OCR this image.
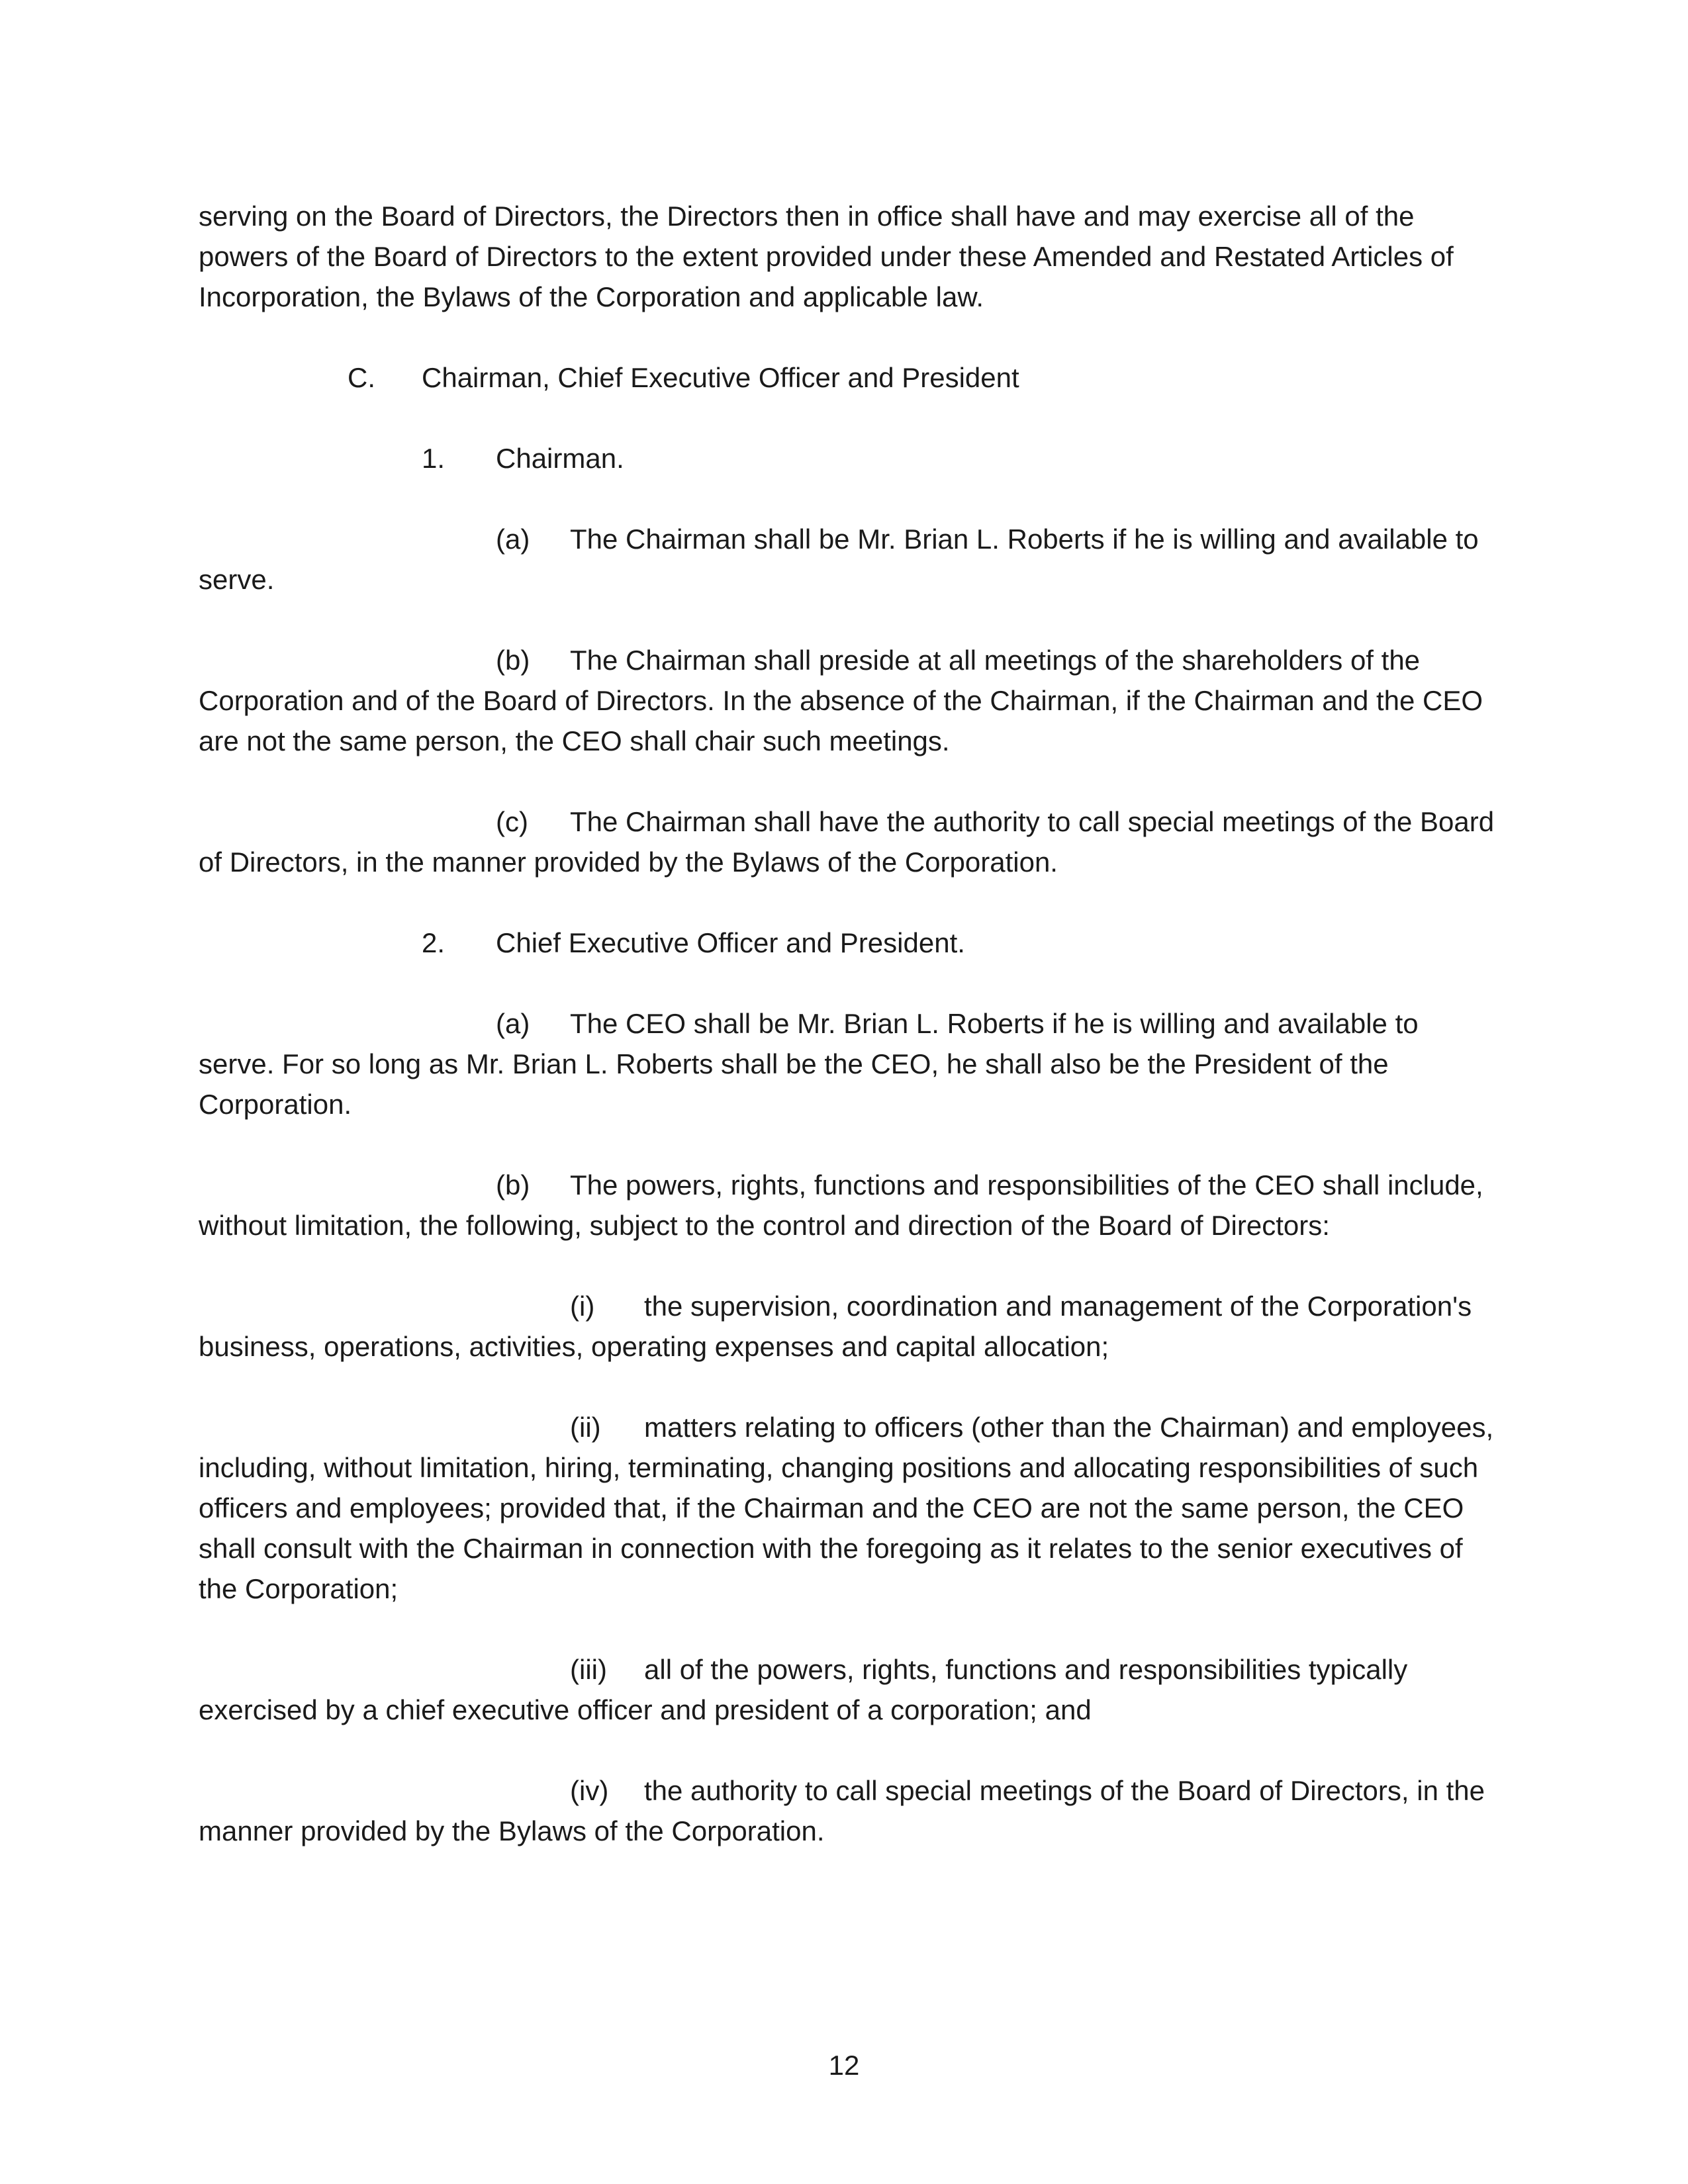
serving on the Board of Directors, the Directors then in office shall have and may exercise all of the powers of the Board of Directors to the extent provided under these Amended and Restated Articles of Incorporation, the Bylaws of the Corporation and applicable law.

C. Chairman, Chief Executive Officer and President

1. Chairman.

(a) The Chairman shall be Mr. Brian L. Roberts if he is willing and available to serve.

(b) The Chairman shall preside at all meetings of the shareholders of the Corporation and of the Board of Directors. In the absence of the Chairman, if the Chairman and the CEO are not the same person, the CEO shall chair such meetings.

(c) The Chairman shall have the authority to call special meetings of the Board of Directors, in the manner provided by the Bylaws of the Corporation.

2. Chief Executive Officer and President.

(a) The CEO shall be Mr. Brian L. Roberts if he is willing and available to serve. For so long as Mr. Brian L. Roberts shall be the CEO, he shall also be the President of the Corporation.

(b) The powers, rights, functions and responsibilities of the CEO shall include, without limitation, the following, subject to the control and direction of the Board of Directors:

(i) the supervision, coordination and management of the Corporation's business, operations, activities, operating expenses and capital allocation;

(ii) matters relating to officers (other than the Chairman) and employees, including, without limitation, hiring, terminating, changing positions and allocating responsibilities of such officers and employees; provided that, if the Chairman and the CEO are not the same person, the CEO shall consult with the Chairman in connection with the foregoing as it relates to the senior executives of the Corporation;

(iii) all of the powers, rights, functions and responsibilities typically exercised by a chief executive officer and president of a corporation; and

(iv) the authority to call special meetings of the Board of Directors, in the manner provided by the Bylaws of the Corporation.

12
